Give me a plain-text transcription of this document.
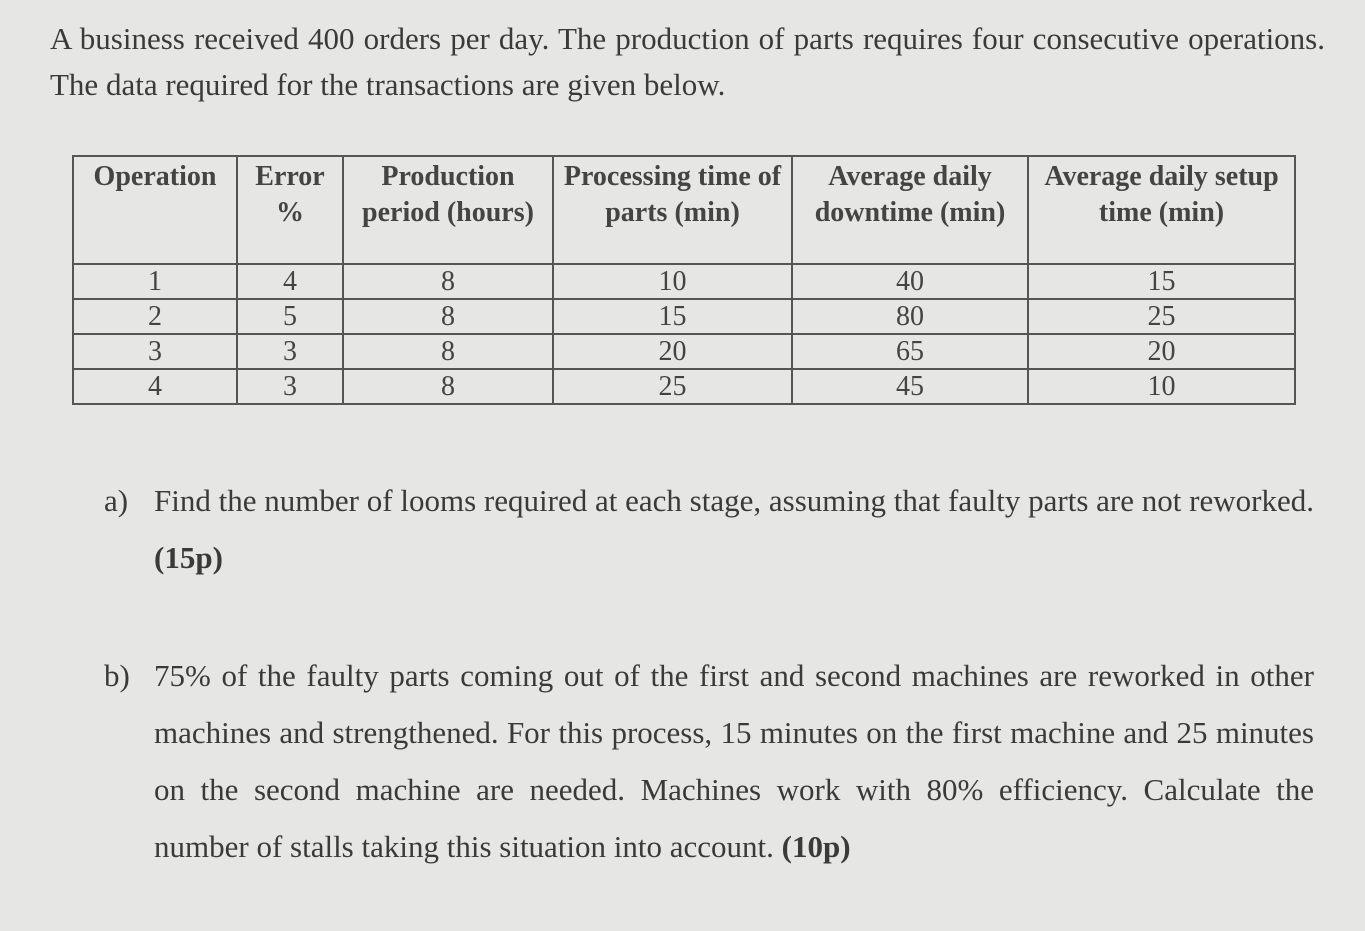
A business received 400 orders per day. The production of parts requires four consecutive operations. The data required for the transactions are given below.

Operation	Error %	Production period (hours)	Processing time of parts (min)	Average daily downtime (min)	Average daily setup time (min)
1	4	8	10	40	15
2	5	8	15	80	25
3	3	8	20	65	20
4	3	8	25	45	10
a) Find the number of looms required at each stage, assuming that faulty parts are not reworked. (15p)
b) 75% of the faulty parts coming out of the first and second machines are reworked in other machines and strengthened. For this process, 15 minutes on the first machine and 25 minutes on the second machine are needed. Machines work with 80% efficiency. Calculate the number of stalls taking this situation into account. (10p)
